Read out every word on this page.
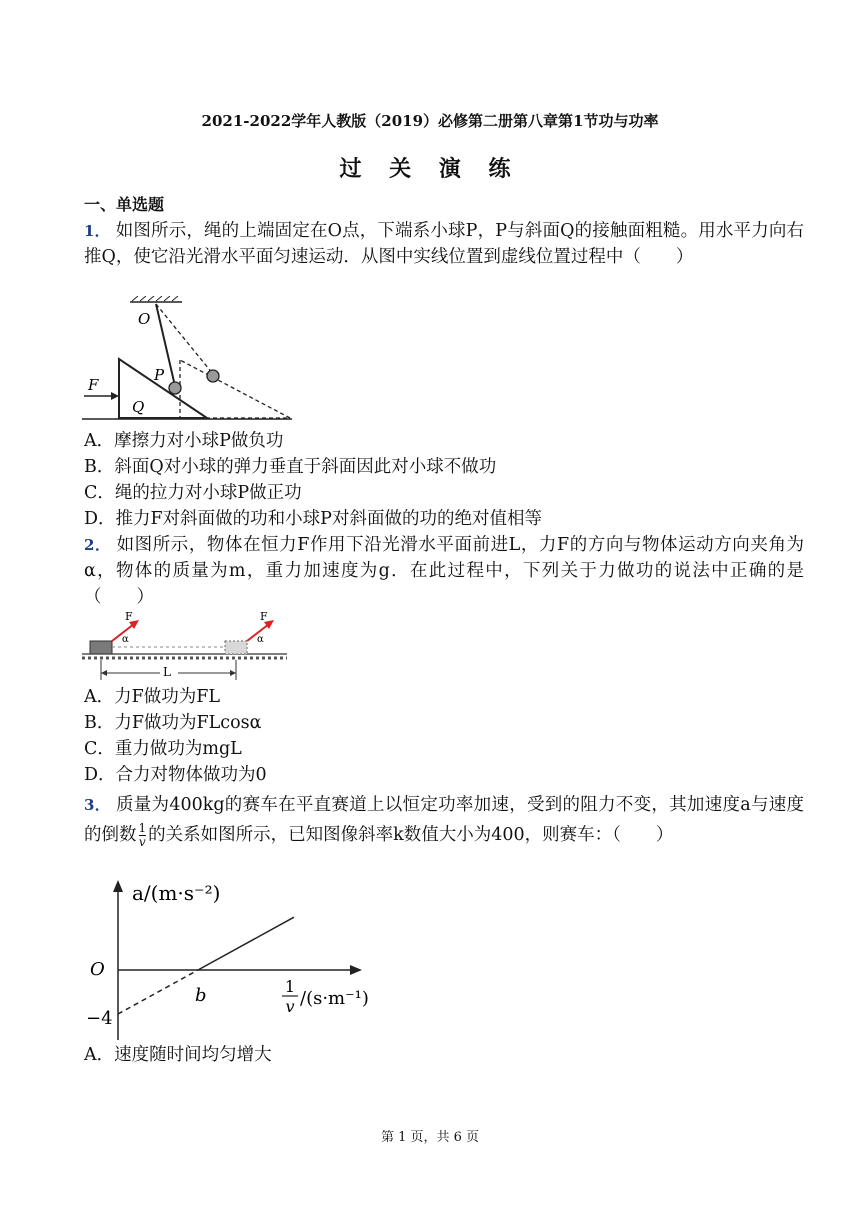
2021-2022学年人教版（2019）必修第二册第八章第1节功与功率
过 关 演 练
一、单选题
1． 如图所示，绳的上端固定在O点，下端系小球P，P与斜面Q的接触面粗糙。用水平力向右推Q，使它沿光滑水平面匀速运动．从图中实线位置到虚线位置过程中（　　）
O
P
F
Q
A．摩擦力对小球P做负功
B．斜面Q对小球的弹力垂直于斜面因此对小球不做功
C．绳的拉力对小球P做正功
D．推力F对斜面做的功和小球P对斜面做的功的绝对值相等
2． 如图所示，物体在恒力F作用下沿光滑水平面前进L，力F的方向与物体运动方向夹角为α，物体的质量为m，重力加速度为g．在此过程中，下列关于力做功的说法中正确的是（　　）
F	F
α	α
L
A．力F做功为FL
B．力F做功为FLcosα
C．重力做功为mgL
D．合力对物体做功为0
3． 质量为400kg的赛车在平直赛道上以恒定功率加速，受到的阻力不变，其加速度a与速度的倒数 $\frac{1}{v}$ 的关系如图所示，已知图像斜率k数值大小为400，则赛车：（　　）
a/(m·s⁻²)
O
b
−4
1
v /(s·m⁻¹)
A．速度随时间均匀增大
第 1 页，共 6 页
